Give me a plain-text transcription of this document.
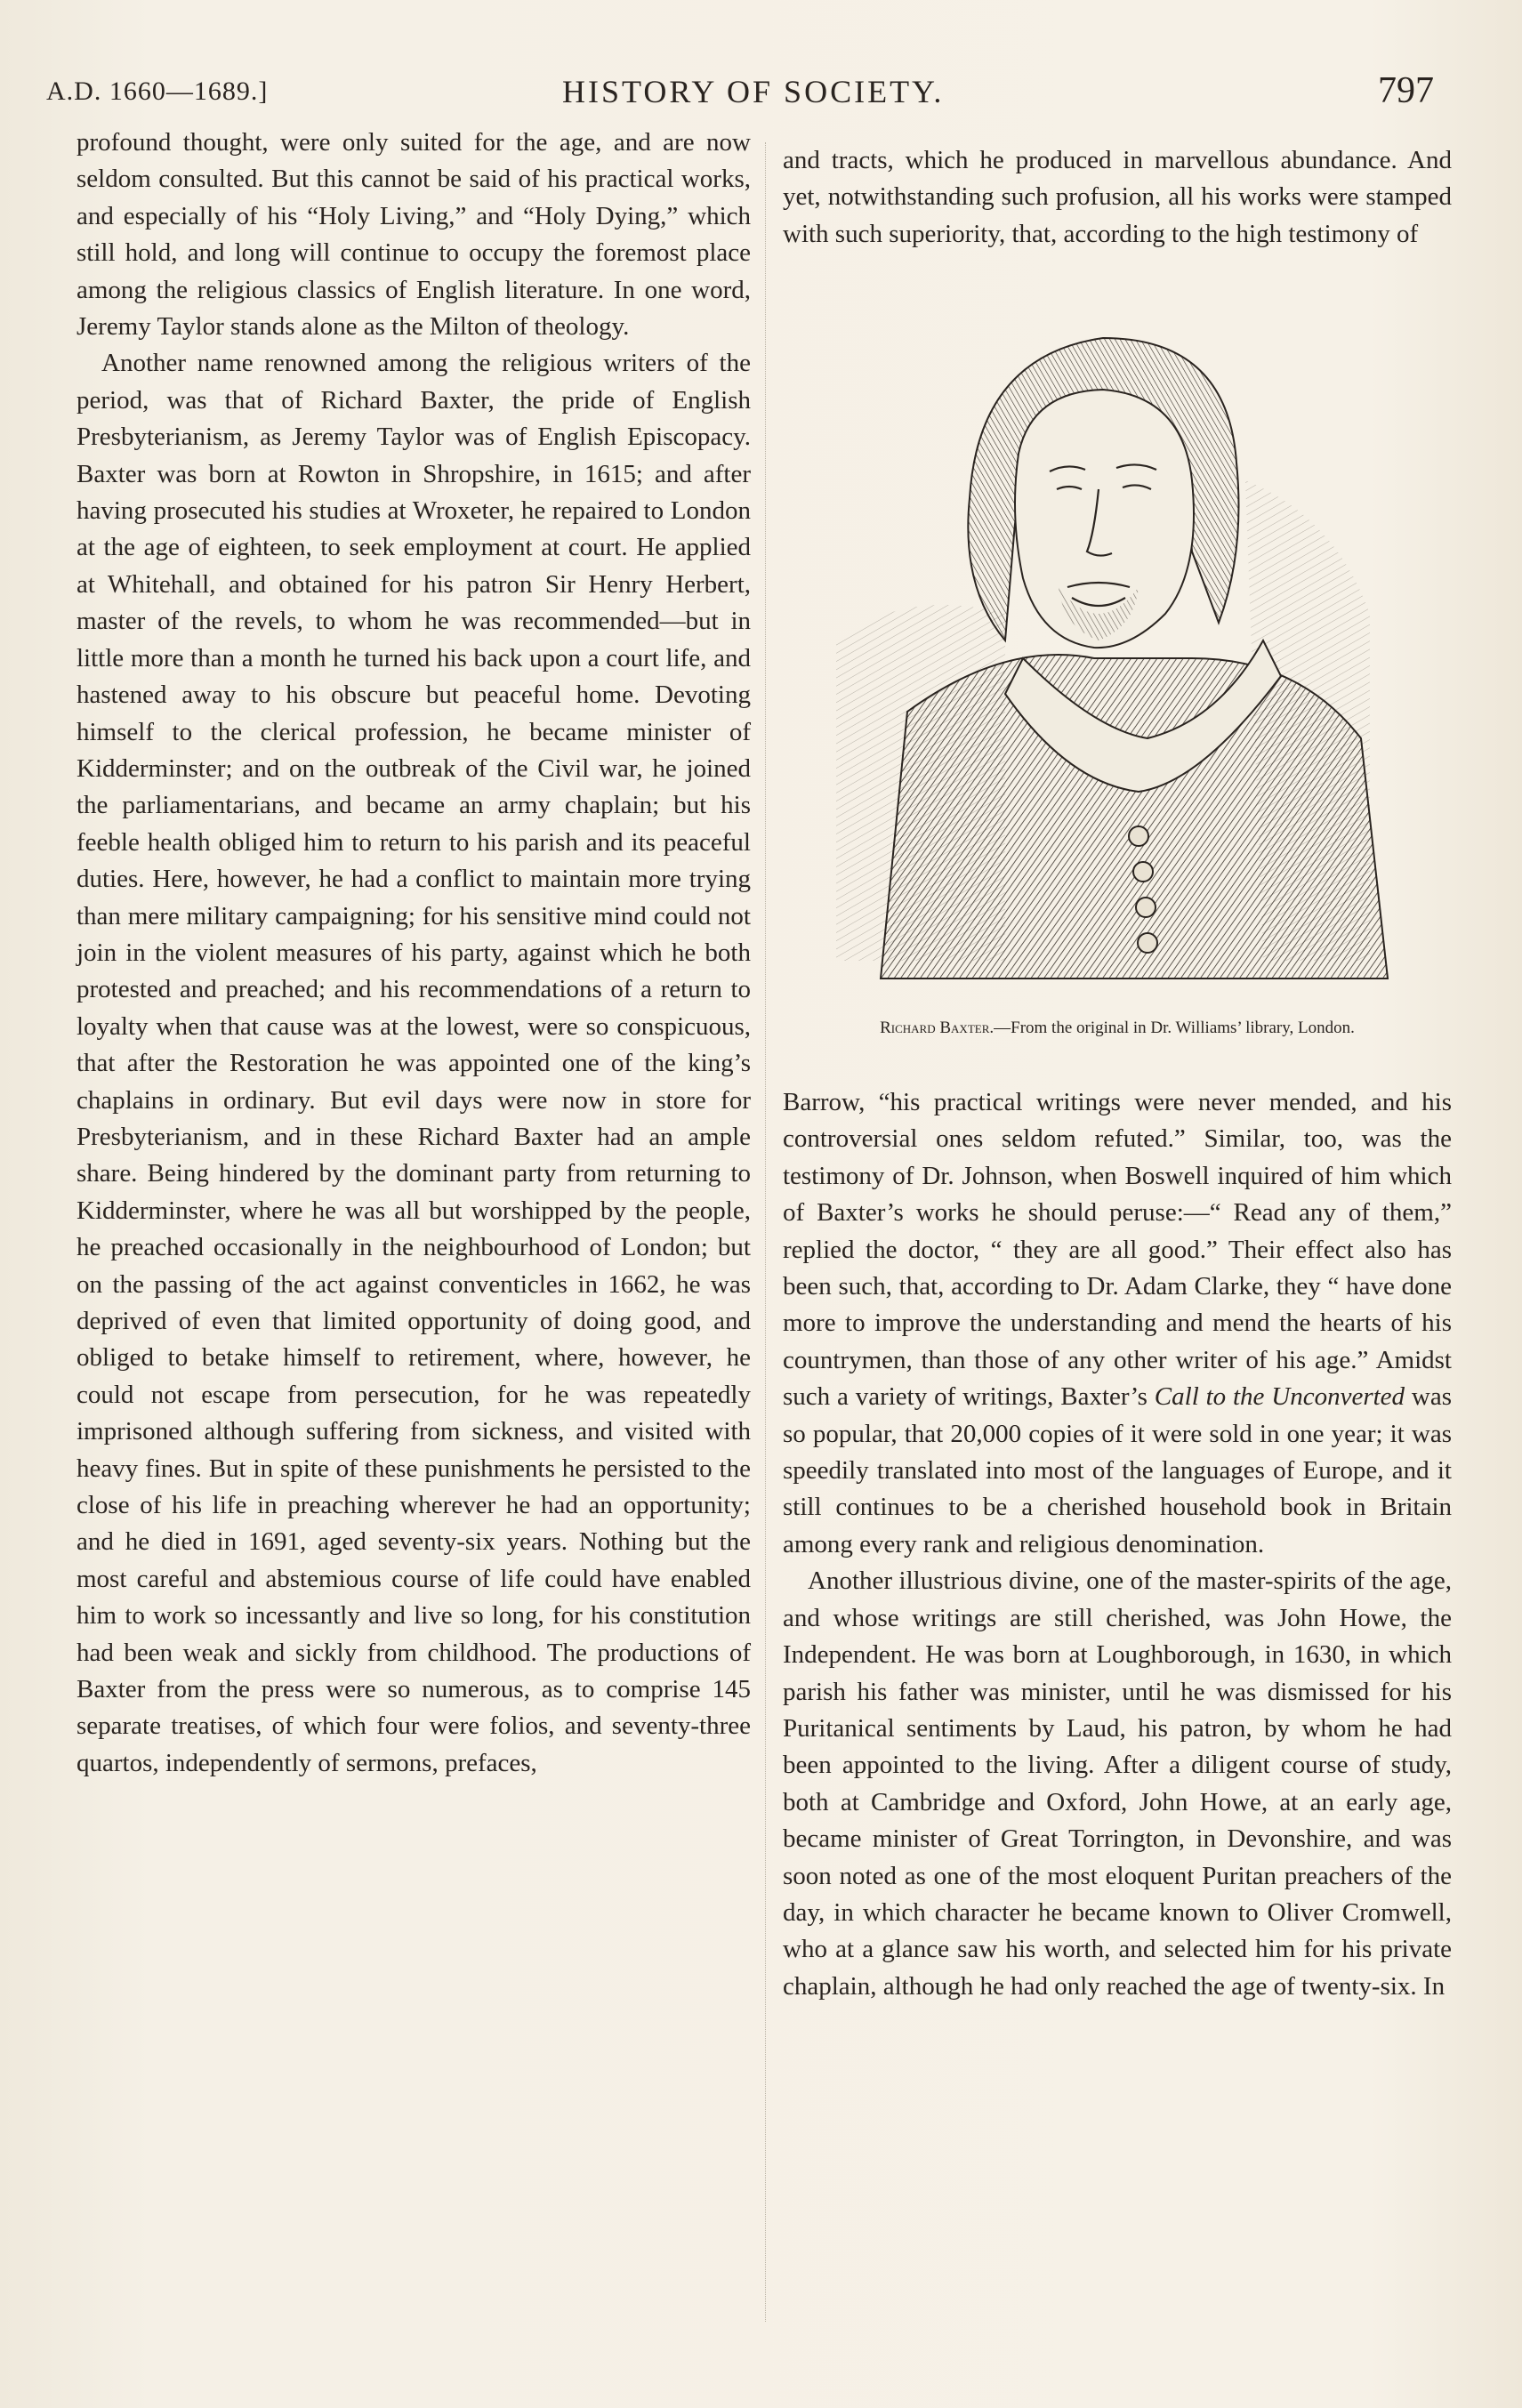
A.D. 1660—1689.]	HISTORY OF SOCIETY.	797

profound thought, were only suited for the age, and are now seldom consulted. But this cannot be said of his practical works, and especially of his “Holy Living,” and “Holy Dying,” which still hold, and long will continue to occupy the foremost place among the religious classics of English literature. In one word, Jeremy Taylor stands alone as the Milton of theology.

Another name renowned among the religious writers of the period, was that of Richard Baxter, the pride of English Presbyterianism, as Jeremy Taylor was of English Episcopacy. Baxter was born at Rowton in Shropshire, in 1615; and after having prosecuted his studies at Wroxeter, he repaired to London at the age of eighteen, to seek employment at court. He applied at Whitehall, and obtained for his patron Sir Henry Herbert, master of the revels, to whom he was recommended—but in little more than a month he turned his back upon a court life, and hastened away to his obscure but peaceful home. Devoting himself to the clerical profession, he became minister of Kidderminster; and on the outbreak of the Civil war, he joined the parliamentarians, and became an army chaplain; but his feeble health obliged him to return to his parish and its peaceful duties. Here, however, he had a conflict to maintain more trying than mere military campaigning; for his sensitive mind could not join in the violent measures of his party, against which he both protested and preached; and his recommendations of a return to loyalty when that cause was at the lowest, were so conspicuous, that after the Restoration he was appointed one of the king’s chaplains in ordinary. But evil days were now in store for Presbyterianism, and in these Richard Baxter had an ample share. Being hindered by the dominant party from returning to Kidderminster, where he was all but worshipped by the people, he preached occasionally in the neighbourhood of London; but on the passing of the act against conventicles in 1662, he was deprived of even that limited opportunity of doing good, and obliged to betake himself to retirement, where, however, he could not escape from persecution, for he was repeatedly imprisoned although suffering from sickness, and visited with heavy fines. But in spite of these punishments he persisted to the close of his life in preaching wherever he had an opportunity; and he died in 1691, aged seventy-six years. Nothing but the most careful and abstemious course of life could have enabled him to work so incessantly and live so long, for his constitution had been weak and sickly from childhood. The productions of Baxter from the press were so numerous, as to comprise 145 separate treatises, of which four were folios, and seventy-three quartos, independently of sermons, prefaces,

and tracts, which he produced in marvellous abundance. And yet, notwithstanding such profusion, all his works were stamped with such superiority, that, according to the high testimony of

Richard Baxter.—From the original in Dr. Williams’ library, London.

Barrow, “his practical writings were never mended, and his controversial ones seldom refuted.” Similar, too, was the testimony of Dr. Johnson, when Boswell inquired of him which of Baxter’s works he should peruse:—“ Read any of them,” replied the doctor, “ they are all good.” Their effect also has been such, that, according to Dr. Adam Clarke, they “ have done more to improve the understanding and mend the hearts of his countrymen, than those of any other writer of his age.” Amidst such a variety of writings, Baxter’s Call to the Unconverted was so popular, that 20,000 copies of it were sold in one year; it was speedily translated into most of the languages of Europe, and it still continues to be a cherished household book in Britain among every rank and religious denomination.

Another illustrious divine, one of the master-spirits of the age, and whose writings are still cherished, was John Howe, the Independent. He was born at Loughborough, in 1630, in which parish his father was minister, until he was dismissed for his Puritanical sentiments by Laud, his patron, by whom he had been appointed to the living. After a diligent course of study, both at Cambridge and Oxford, John Howe, at an early age, became minister of Great Torrington, in Devonshire, and was soon noted as one of the most eloquent Puritan preachers of the day, in which character he became known to Oliver Cromwell, who at a glance saw his worth, and selected him for his private chaplain, although he had only reached the age of twenty-six. In
